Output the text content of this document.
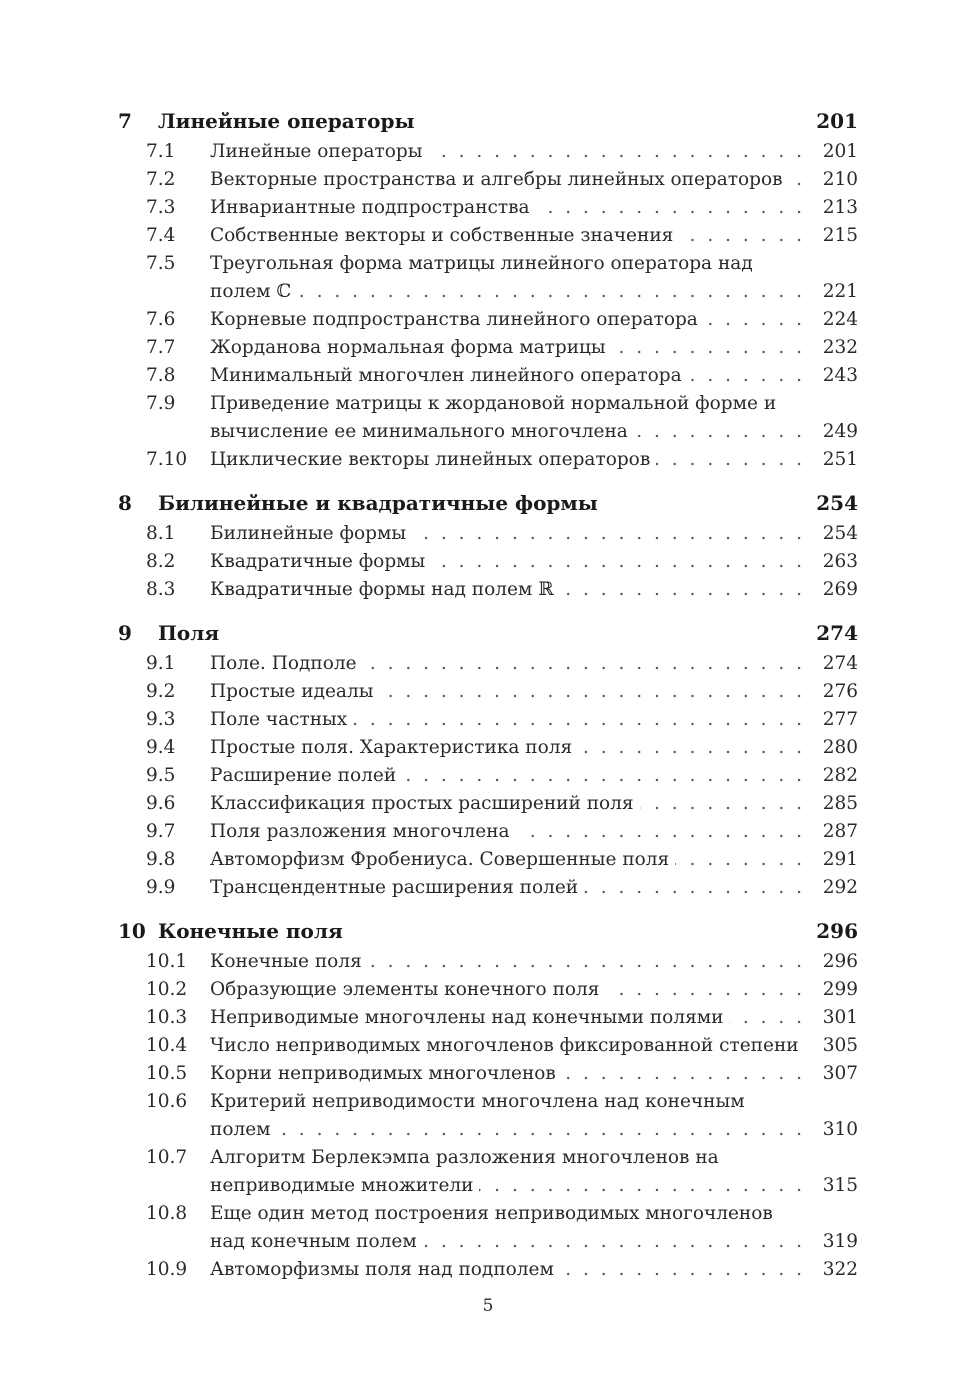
7	Линейные операторы	201
7.1	Линейные операторы . . .	201
7.2	Векторные пространства и алгебры линейных операторов . . .	210
7.3	Инвариантные подпространства . . .	213
7.4	Собственные векторы и собственные значения . . .	215
7.5	Треугольная форма матрицы линейного оператора над полем ℂ . . .	221
7.6	Корневые подпространства линейного оператора . . .	224
7.7	Жорданова нормальная форма матрицы . . .	232
7.8	Минимальный многочлен линейного оператора . . .	243
7.9	Приведение матрицы к жордановой нормальной форме и вычисление ее минимального многочлена . . .	249
7.10	Циклические векторы линейных операторов . . .	251
8	Билинейные и квадратичные формы	254
8.1	Билинейные формы . . .	254
8.2	Квадратичные формы . . .	263
8.3	Квадратичные формы над полем ℝ . . .	269
9	Поля	274
9.1	Поле. Подполе . . .	274
9.2	Простые идеалы . . .	276
9.3	Поле частных . . .	277
9.4	Простые поля. Характеристика поля . . .	280
9.5	Расширение полей . . .	282
9.6	Классификация простых расширений поля . . .	285
9.7	Поля разложения многочлена . . .	287
9.8	Автоморфизм Фробениуса. Совершенные поля . . .	291
9.9	Трансцендентные расширения полей . . .	292
10 Конечные поля	296
10.1	Конечные поля . . .	296
10.2	Образующие элементы конечного поля . . .	299
10.3	Неприводимые многочлены над конечными полями . . .	301
10.4	Число неприводимых многочленов фиксированной степени . . .	305
10.5	Корни неприводимых многочленов . . .	307
10.6	Критерий неприводимости многочлена над конечным полем . . .	310
10.7	Алгоритм Берлекэмпа разложения многочленов на неприводимые множители . . .	315
10.8	Еще один метод построения неприводимых многочленов над конечным полем . . .	319
10.9	Автоморфизмы поля над подполем . . .	322
5
